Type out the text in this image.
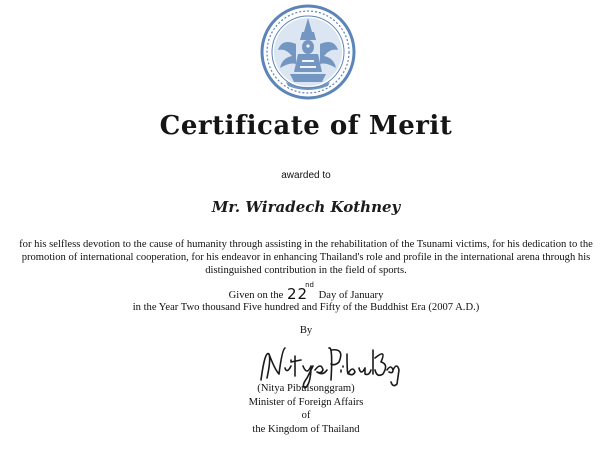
Certificate of Merit
awarded to
Mr. Wiradech Kothney
for his selfless devotion to the cause of humanity through assisting in the rehabilitation of the Tsunami victims, for his dedication to the promotion of international cooperation, for his endeavor in enhancing Thailand's role and profile in the international arena through his distinguished contribution in the field of sports.
Given on the 22nd Day of January
in the Year Two thousand Five hundred and Fifty of the Buddhist Era (2007 A.D.)
By
(Nitya Pibulsonggram)
Minister of Foreign Affairs
of
the Kingdom of Thailand
